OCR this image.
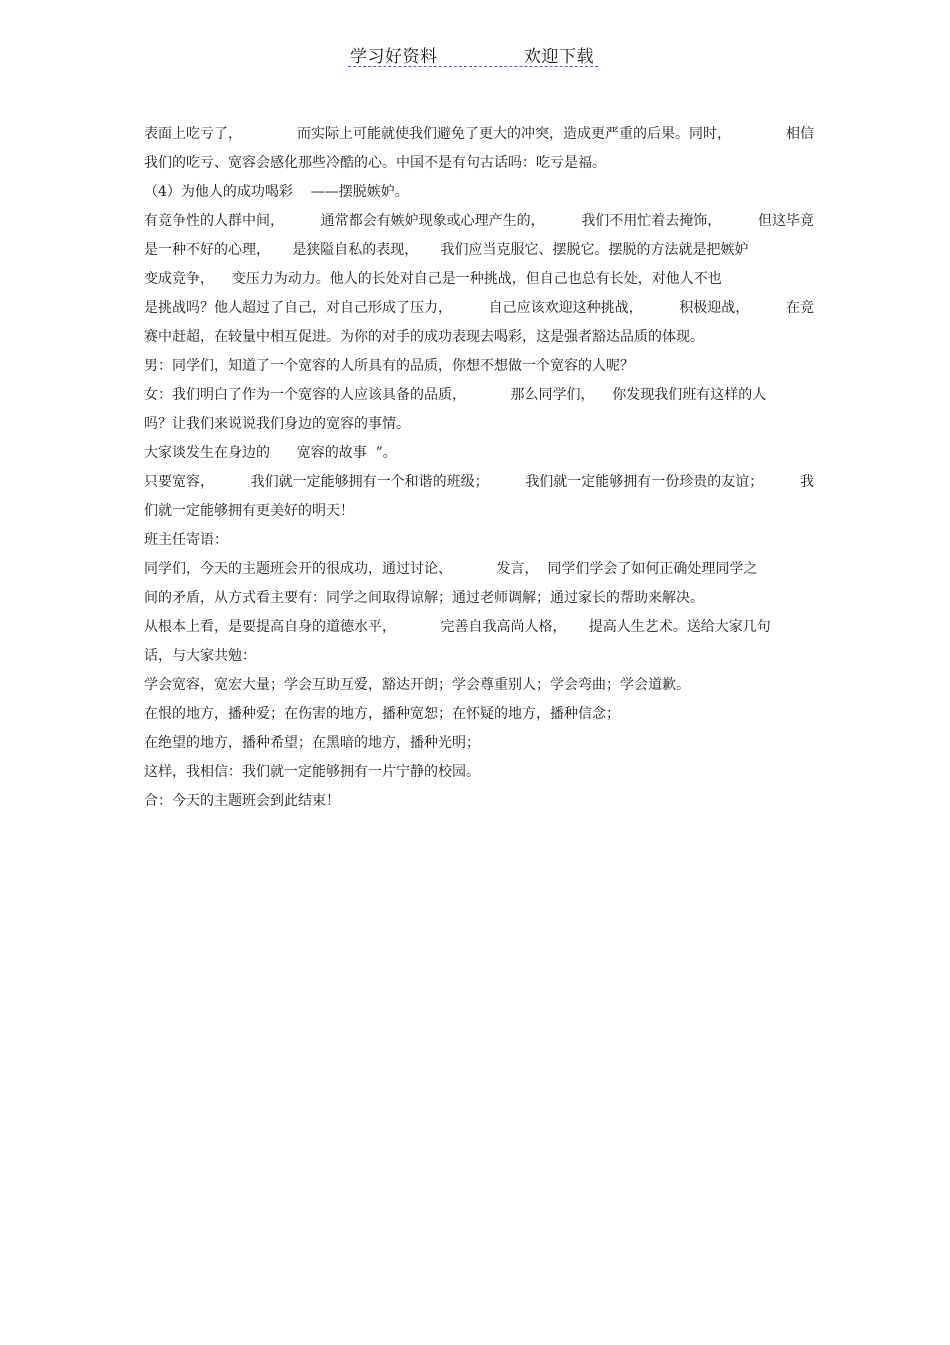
学习好资料	欢迎下载
表面上吃亏了，	而实际上可能就使我们避免了更大的冲突，造成更严重的后果。同时，	相信
我们的吃亏、宽容会感化那些冷酷的心。中国不是有句古话吗：吃亏是福。
（4）为他人的成功喝彩    ——摆脱嫉妒。
有竞争性的人群中间，	通常都会有嫉妒现象或心理产生的，	我们不用忙着去掩饰，	但这毕竟
是一种不好的心理，     是狭隘自私的表现，     我们应当克服它、摆脱它。摆脱的方法就是把嫉妒
变成竞争，    变压力为动力。他人的长处对自己是一种挑战，但自己也总有长处，对他人不也
是挑战吗？他人超过了自己，对自己形成了压力，	自己应该欢迎这种挑战，	积极迎战，	在竞
赛中赶超，在较量中相互促进。为你的对手的成功表现去喝彩，这是强者豁达品质的体现。
男：同学们，知道了一个宽容的人所具有的品质，你想不想做一个宽容的人呢？
女：我们明白了作为一个宽容的人应该具备的品质，          那么同学们，    你发现我们班有这样的人
吗？让我们来说说我们身边的宽容的事情。
大家谈发生在身边的      宽容的故事  ”。
只要宽容，	我们就一定能够拥有一个和谐的班级；	我们就一定能够拥有一份珍贵的友谊；	我
们就一定能够拥有更美好的明天！
班主任寄语：
同学们，今天的主题班会开的很成功，通过讨论、          发言，  同学们学会了如何正确处理同学之
间的矛盾，从方式看主要有：同学之间取得谅解；通过老师调解；通过家长的帮助来解决。
从根本上看，是要提高自身的道德水平，          完善自我高尚人格，     提高人生艺术。送给大家几句
话，与大家共勉：
学会宽容，宽宏大量；学会互助互爱，豁达开朗；学会尊重别人；学会弯曲；学会道歉。
在恨的地方，播种爱；在伤害的地方，播种宽恕；在怀疑的地方，播种信念；
在绝望的地方，播种希望；在黑暗的地方，播种光明；
这样，我相信：我们就一定能够拥有一片宁静的校园。
合：今天的主题班会到此结束！
